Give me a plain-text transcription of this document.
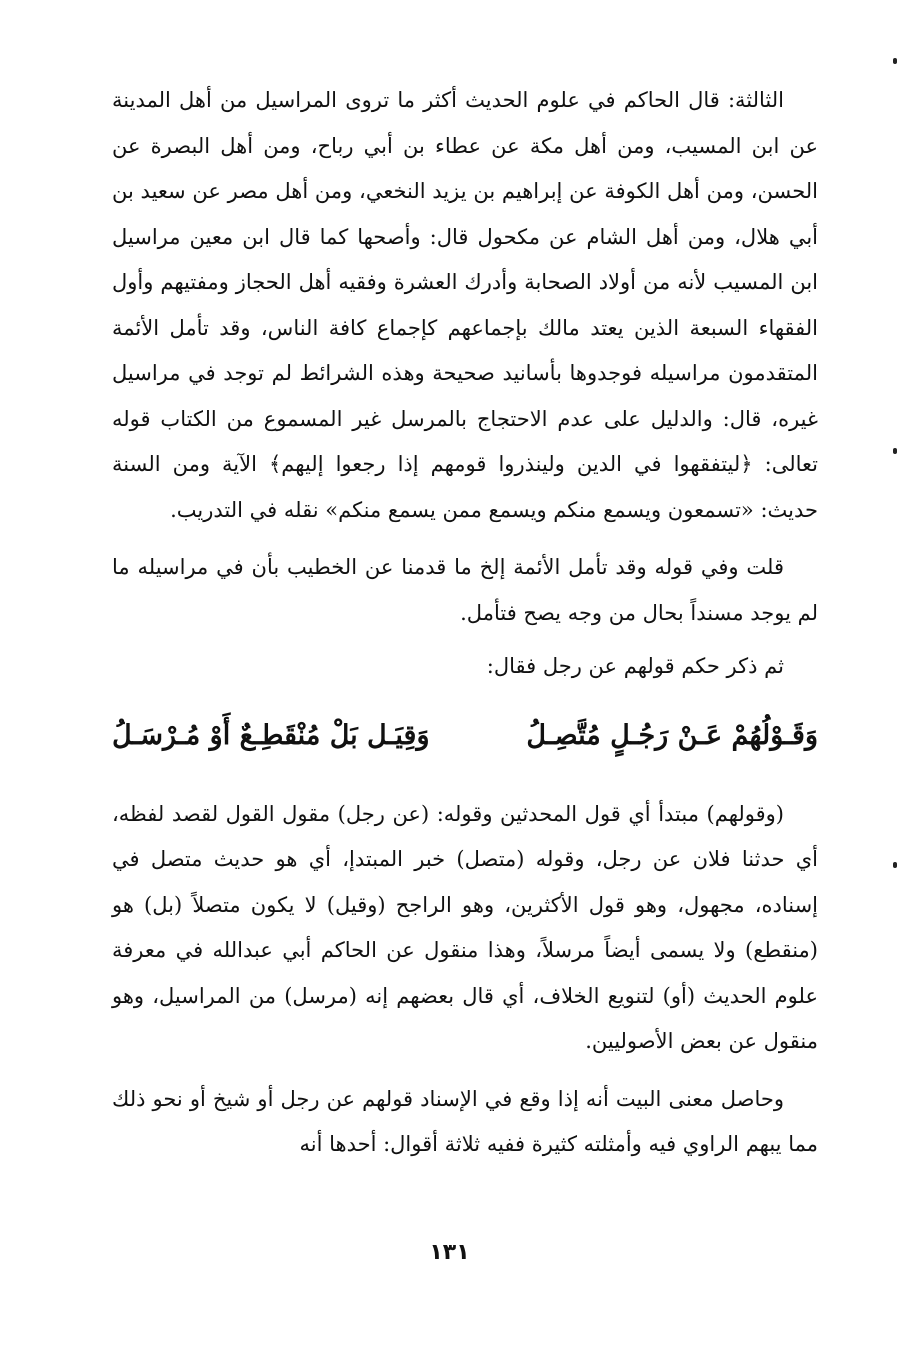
الثالثة: قال الحاكم في علوم الحديث أكثر ما تروى المراسيل من أهل المدينة عن ابن المسيب، ومن أهل مكة عن عطاء بن أبي رباح، ومن أهل البصرة عن الحسن، ومن أهل الكوفة عن إبراهيم بن يزيد النخعي، ومن أهل مصر عن سعيد بن أبي هلال، ومن أهل الشام عن مكحول قال: وأصحها كما قال ابن معين مراسيل ابن المسيب لأنه من أولاد الصحابة وأدرك العشرة وفقيه أهل الحجاز ومفتيهم وأول الفقهاء السبعة الذين يعتد مالك بإجماعهم كإجماع كافة الناس، وقد تأمل الأئمة المتقدمون مراسيله فوجدوها بأسانيد صحيحة وهذه الشرائط لم توجد في مراسيل غيره، قال: والدليل على عدم الاحتجاج بالمرسل غير المسموع من الكتاب قوله تعالى: ﴿ليتفقهوا في الدين ولينذروا قومهم إذا رجعوا إليهم﴾ الآية ومن السنة حديث: «تسمعون ويسمع منكم ويسمع ممن يسمع منكم» نقله في التدريب.

قلت وفي قوله وقد تأمل الأئمة إلخ ما قدمنا عن الخطيب بأن في مراسيله ما لم يوجد مسنداً بحال من وجه يصح فتأمل.

ثم ذكر حكم قولهم عن رجل فقال:

وَقَـوْلُهُمْ عَـنْ رَجُـلٍ مُتَّصِـلُ
وَقِيَـل بَلْ مُنْقَطِـعٌ أَوْ مُـرْسَـلُ

(وقولهم) مبتدأ أي قول المحدثين وقوله: (عن رجل) مقول القول لقصد لفظه، أي حدثنا فلان عن رجل، وقوله (متصل) خبر المبتدإ، أي هو حديث متصل في إسناده، مجهول، وهو قول الأكثرين، وهو الراجح (وقيل) لا يكون متصلاً (بل) هو (منقطع) ولا يسمى أيضاً مرسلاً، وهذا منقول عن الحاكم أبي عبدالله في معرفة علوم الحديث (أو) لتنويع الخلاف، أي قال بعضهم إنه (مرسل) من المراسيل، وهو منقول عن بعض الأصوليين.

وحاصل معنى البيت أنه إذا وقع في الإسناد قولهم عن رجل أو شيخ أو نحو ذلك مما يبهم الراوي فيه وأمثلته كثيرة ففيه ثلاثة أقوال: أحدها أنه

١٣١
